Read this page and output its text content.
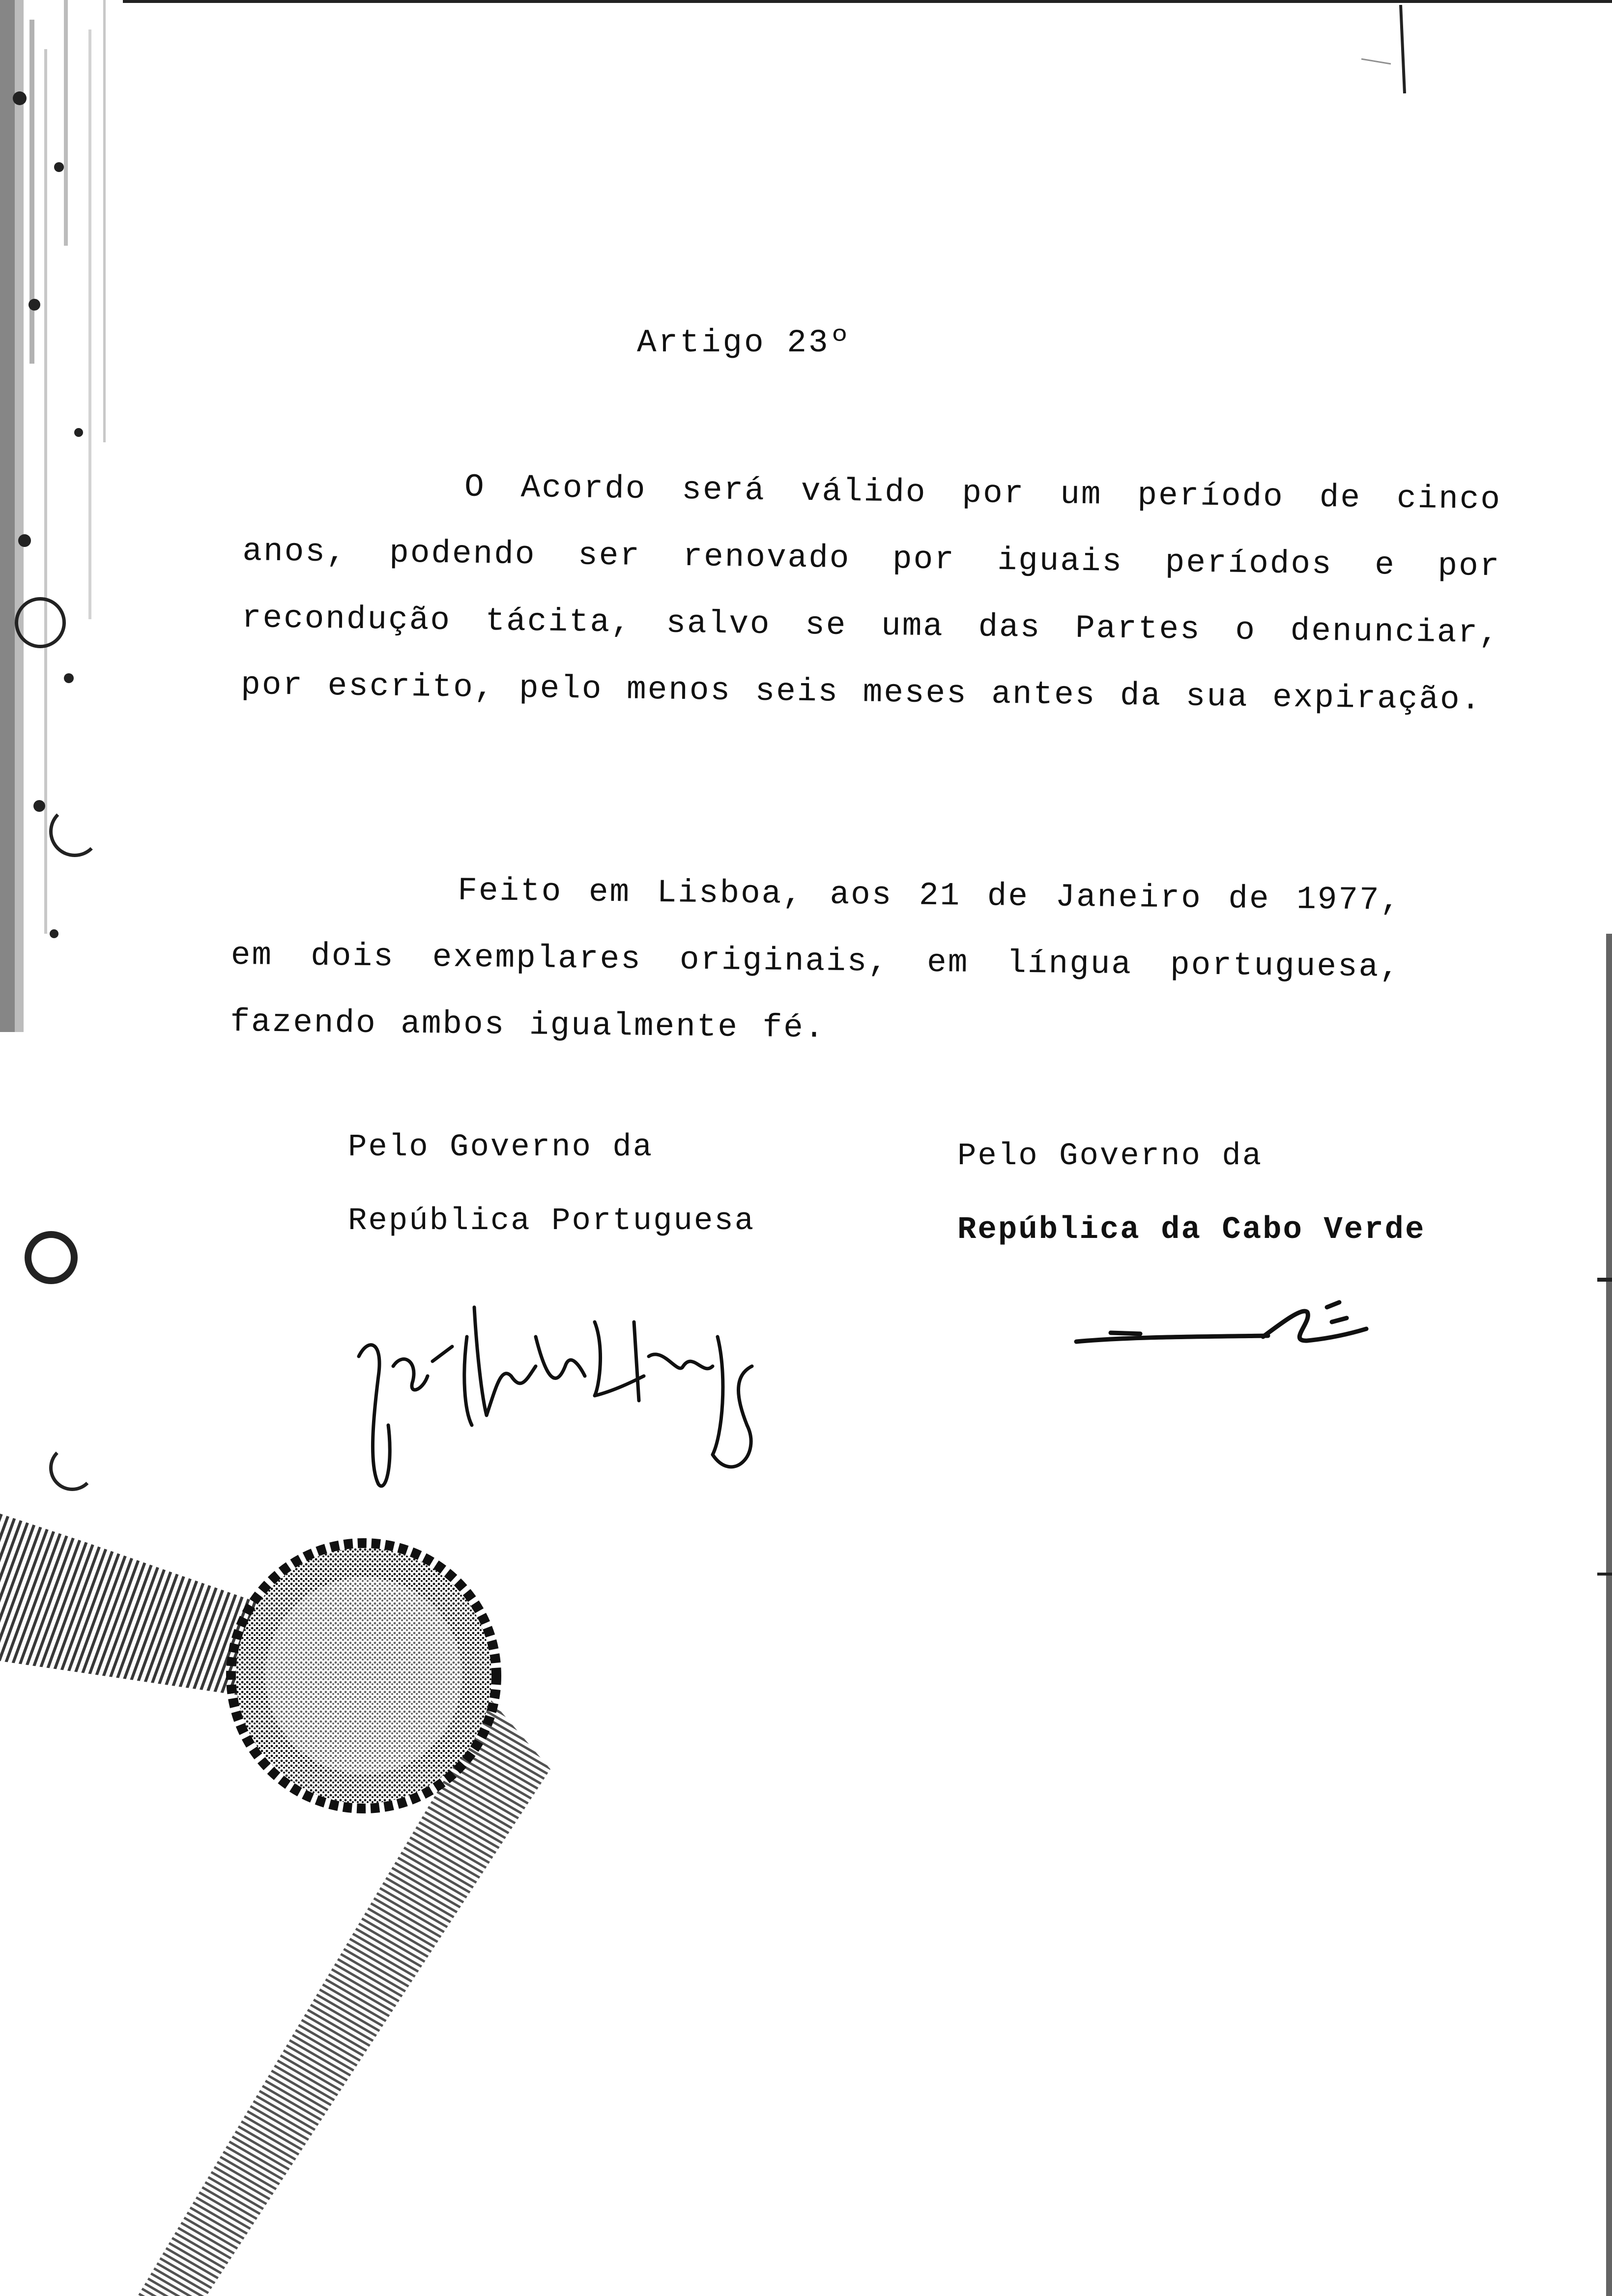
Artigo 23º
O Acordo será válido por um período de cinco anos, podendo ser renovado por iguais períodos e por recondução tácita, salvo se uma das Partes o denunciar, por escrito, pelo menos seis meses antes da sua expiração.
Feito em Lisboa, aos 21 de Janeiro de 1977, em dois exemplares originais, em língua portuguesa, fazendo ambos igualmente fé.
Pelo Governo da
República Portuguesa
Pelo Governo da
República da Cabo Verde
